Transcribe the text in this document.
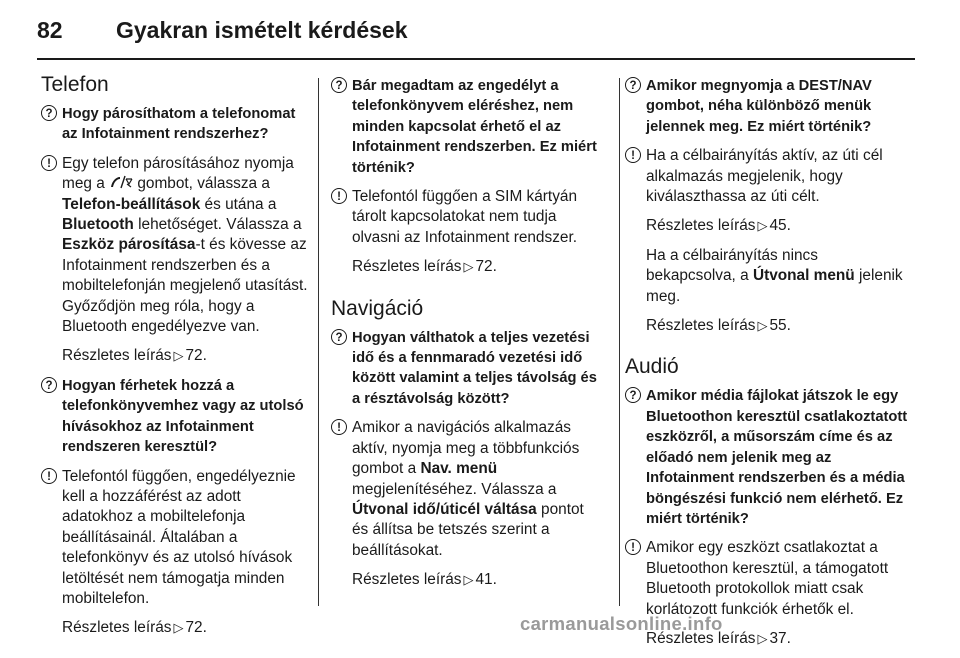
82 Gyakran ismételt kérdések
Telefon
? Hogy párosíthatom a telefonomat az Infotainment rendszerhez?
! Egy telefon párosításához nyomja meg a  gombot, válassza a Telefon-beállítások és utána a Bluetooth lehetőséget. Válassza a Eszköz párosítása-t és kövesse az Infotainment rendszerben és a mobiltelefonján megjelenő utasítást. Győződjön meg róla, hogy a Bluetooth engedélyezve van.
Részletes leírás ▷ 72.
? Hogyan férhetek hozzá a telefonkönyvemhez vagy az utolsó hívásokhoz az Infotainment rendszeren keresztül?
! Telefontól függően, engedélyeznie kell a hozzáférést az adott adatokhoz a mobiltelefonja beállításainál. Általában a telefonkönyv és az utolsó hívások letöltését nem támogatja minden mobiltelefon.
Részletes leírás ▷ 72.
? Bár megadtam az engedélyt a telefonkönyvem eléréshez, nem minden kapcsolat érhető el az Infotainment rendszerben. Ez miért történik?
! Telefontól függően a SIM kártyán tárolt kapcsolatokat nem tudja olvasni az Infotainment rendszer.
Részletes leírás ▷ 72.
Navigáció
? Hogyan válthatok a teljes vezetési idő és a fennmaradó vezetési idő között valamint a teljes távolság és a résztávolság között?
! Amikor a navigációs alkalmazás aktív, nyomja meg a többfunkciós gombot a Nav. menü megjelenítéséhez. Válassza a Útvonal idő/úticél váltása pontot és állítsa be tetszés szerint a beállításokat.
Részletes leírás ▷ 41.
? Amikor megnyomja a DEST/NAV gombot, néha különböző menük jelennek meg. Ez miért történik?
! Ha a célbairányítás aktív, az úti cél alkalmazás megjelenik, hogy kiválaszthassa az úti célt.
Részletes leírás ▷ 45.
Ha a célbairányítás nincs bekapcsolva, a Útvonal menü jelenik meg.
Részletes leírás ▷ 55.
Audió
? Amikor média fájlokat játszok le egy Bluetoothon keresztül csatlakoztatott eszközről, a műsorszám címe és az előadó nem jelenik meg az Infotainment rendszerben és a média böngészési funkció nem elérhető. Ez miért történik?
! Amikor egy eszközt csatlakoztat a Bluetoothon keresztül, a támogatott Bluetooth protokollok miatt csak korlátozott funkciók érhetők el.
Részletes leírás ▷ 37.
carmanualsonline.info
